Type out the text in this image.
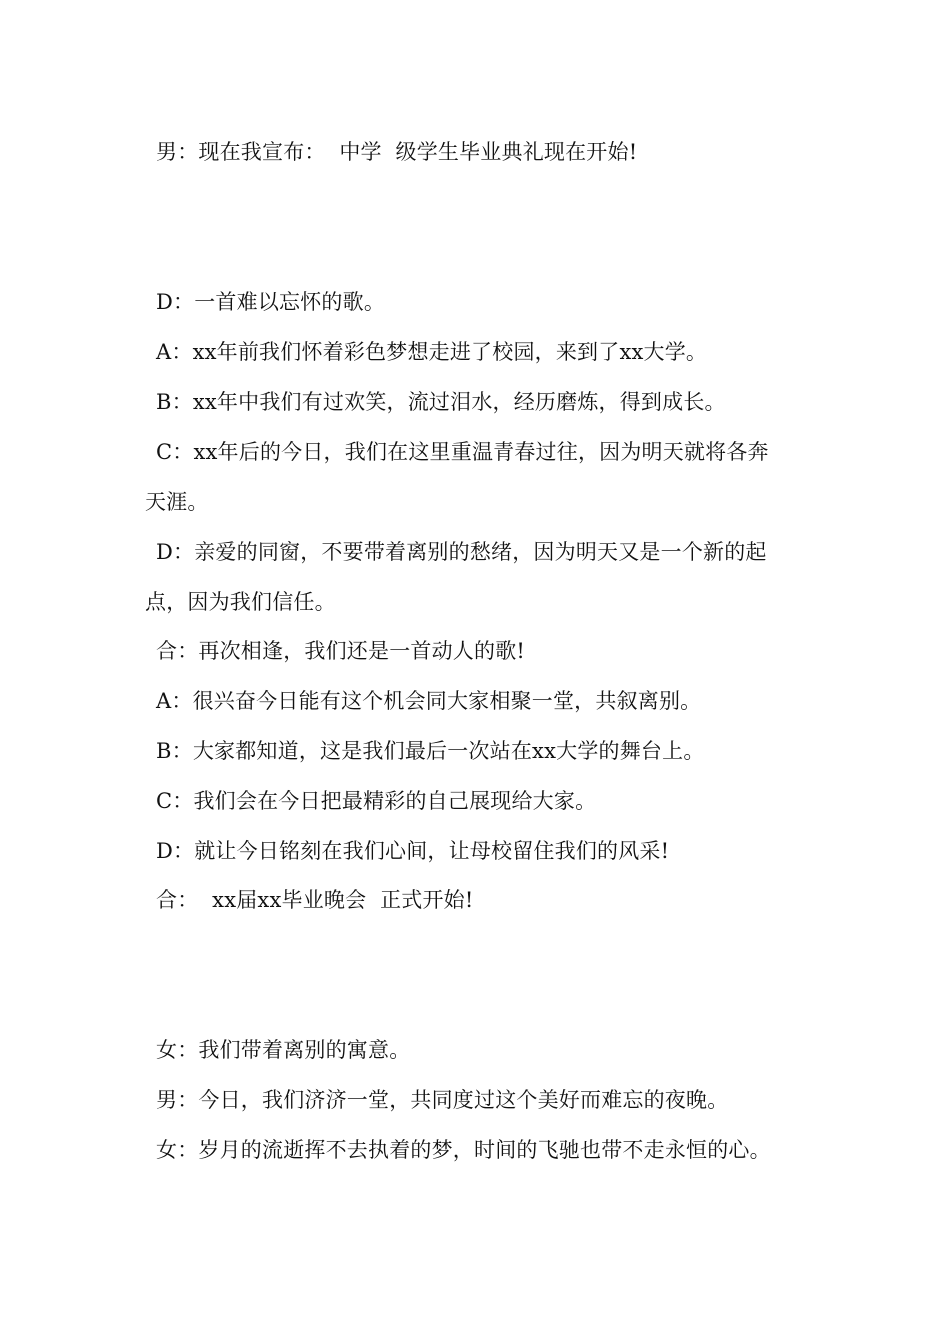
男：现在我宣布：  中学  级学生毕业典礼现在开始!
D：一首难以忘怀的歌。
A：xx年前我们怀着彩色梦想走进了校园，来到了xx大学。
B：xx年中我们有过欢笑，流过泪水，经历磨炼，得到成长。
C：xx年后的今日，我们在这里重温青春过往，因为明天就将各奔
天涯。
D：亲爱的同窗，不要带着离别的愁绪，因为明天又是一个新的起
点，因为我们信任。
合：再次相逢，我们还是一首动人的歌!
A：很兴奋今日能有这个机会同大家相聚一堂，共叙离别。
B：大家都知道，这是我们最后一次站在xx大学的舞台上。
C：我们会在今日把最精彩的自己展现给大家。
D：就让今日铭刻在我们心间，让母校留住我们的风采!
合：  xx届xx毕业晚会  正式开始!
女：我们带着离别的寓意。
男：今日，我们济济一堂，共同度过这个美好而难忘的夜晚。
女：岁月的流逝挥不去执着的梦，时间的飞驰也带不走永恒的心。
